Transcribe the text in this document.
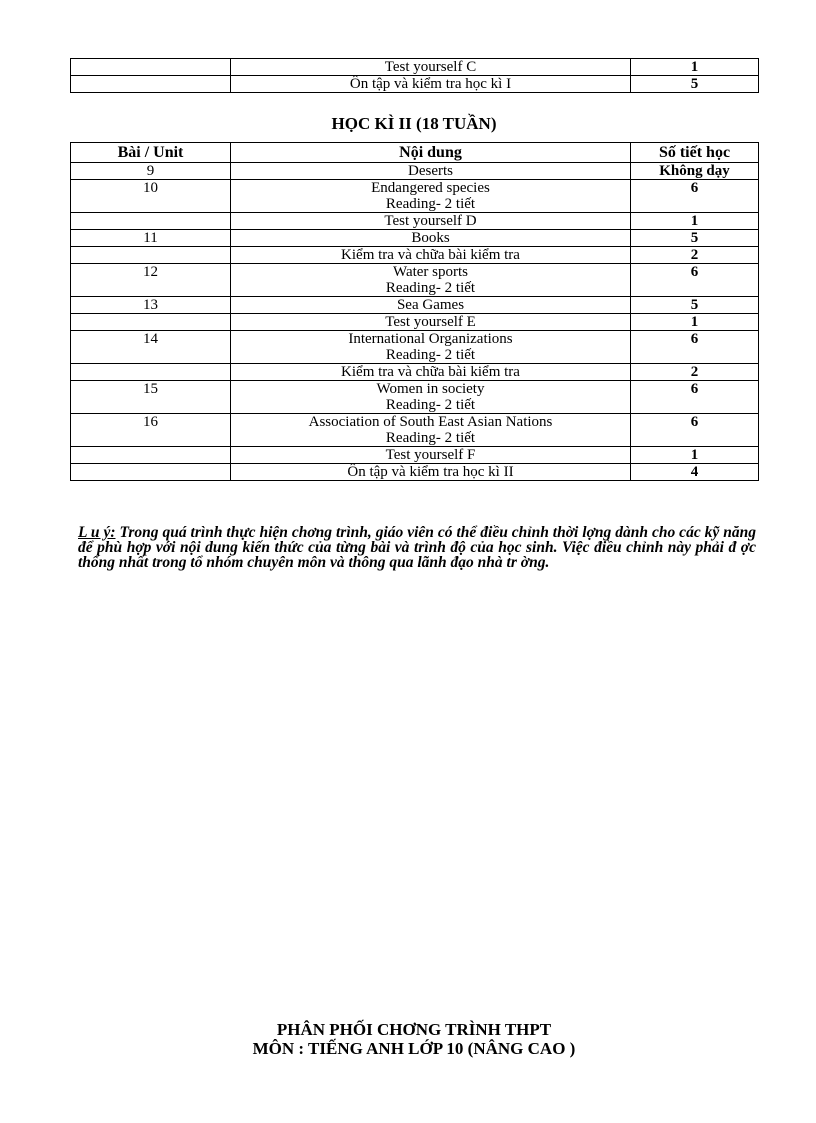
	Test yourself C	1

	Ôn tập và kiểm tra học kì I	5
HỌC KÌ II (18 TUẦN)
Bài / Unit	Nội dung	Số tiết học
9	Deserts	Không dạy
10	Endangered species
Reading- 2 tiết	6

	Test yourself D	1
11	Books	5

	Kiểm tra và chữa bài kiểm tra	2
12	Water sports
Reading- 2 tiết	6
13	Sea Games	5

	Test yourself E	1
14	International Organizations
Reading- 2 tiết	6

	Kiểm tra và chữa bài kiểm tra	2
15	Women in society
Reading- 2 tiết	6
16	Association of South East Asian Nations
Reading- 2 tiết	6

	Test yourself F	1

	Ôn tập và kiểm tra học kì II	4
L u ý: Trong quá trình thực hiện chơng trình, giáo viên có thể điều chỉnh thời lợng dành cho các kỹ năng để phù hợp với nội dung kiến thức của từng bài và trình độ của học sinh. Việc điều chỉnh này phải đ ợc thống nhất trong tổ nhóm chuyên môn và thông qua lãnh đạo nhà tr ờng.
PHÂN PHỐI CHƠNG TRÌNH THPT
MÔN : TIẾNG ANH LỚP 10 (NÂNG CAO )
